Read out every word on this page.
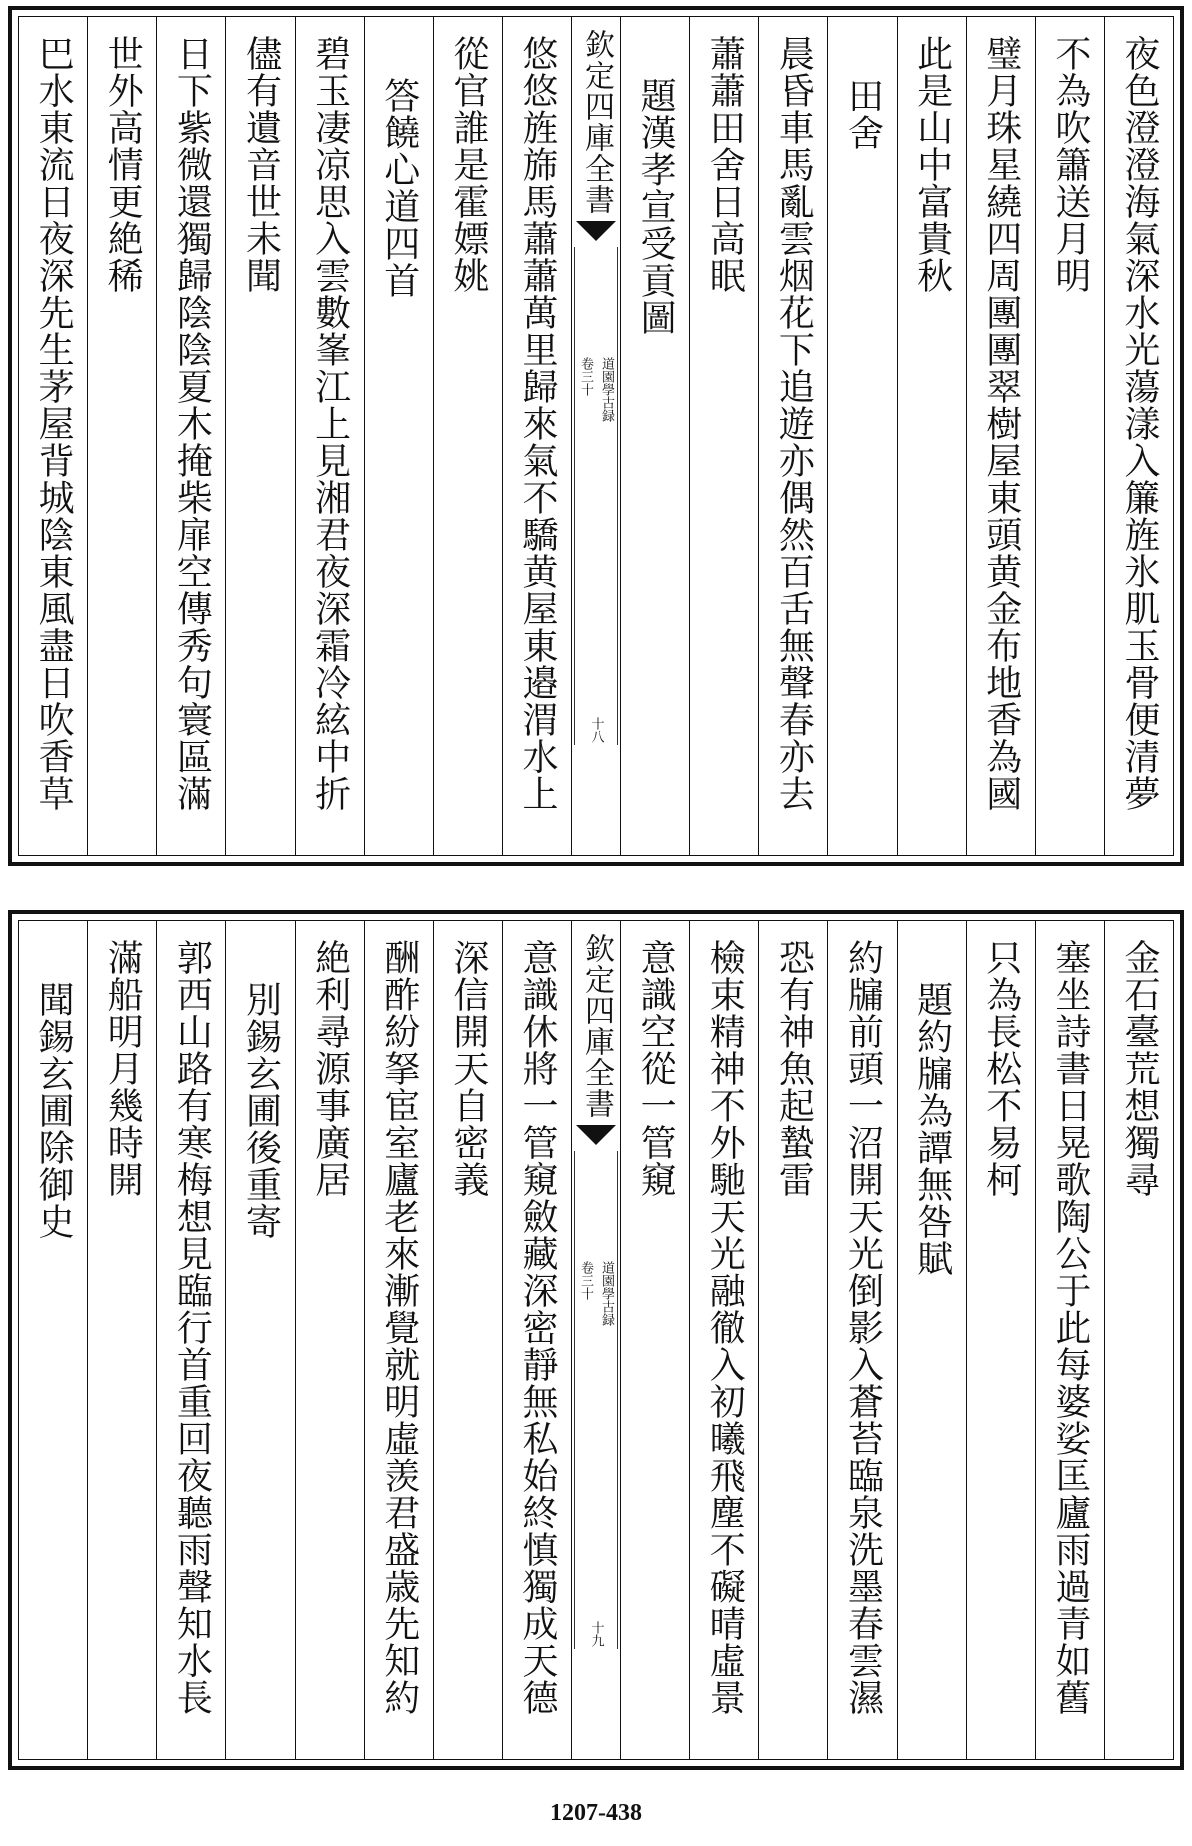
夜色澄澄海氣深水光蕩漾入簾旌氷肌玉骨便清夢
不為吹簫送月明
璧月珠星繞四周團團翠樹屋東頭黄金布地香為國
此是山中富貴秋
田舍
晨昏車馬亂雲烟花下追遊亦偶然百舌無聲春亦去
蕭蕭田舍日高眠
題漢孝宣受貢圖
欽定四庫全書
道園學古録
卷三十
十八
悠悠旌旆馬蕭蕭萬里歸來氣不驕黄屋東邉渭水上
從官誰是霍嫖姚
答饒心道四首
碧玉凄凉思入雲數峯江上見湘君夜深霜冷絃中折
儘有遺音世未聞
日下紫微還獨歸陰陰夏木掩柴扉空傳秀句寰區滿
世外高情更絶稀
巴水東流日夜深先生茅屋背城陰東風盡日吹香草
金石臺荒想獨尋
塞坐詩書日晃歌陶公于此每婆娑匡廬雨過青如舊
只為長松不易柯
題約牖為譚無咎賦
約牖前頭一沼開天光倒影入蒼苔臨泉洗墨春雲濕
恐有神魚起蟄雷
檢束精神不外馳天光融徹入初曦飛塵不礙晴虛景
意識空從一管窺
欽定四庫全書
道園學古録
卷三十
十九
意識休將一管窺斂藏深密靜無私始終慎獨成天德
深信開天自密義
酬酢紛拏宦室廬老來漸覺就明虛羡君盛歳先知約
絶利尋源事廣居
別錫玄圃後重寄
郭西山路有寒梅想見臨行首重回夜聽雨聲知水長
滿船明月幾時開
聞錫玄圃除御史
1207-438
